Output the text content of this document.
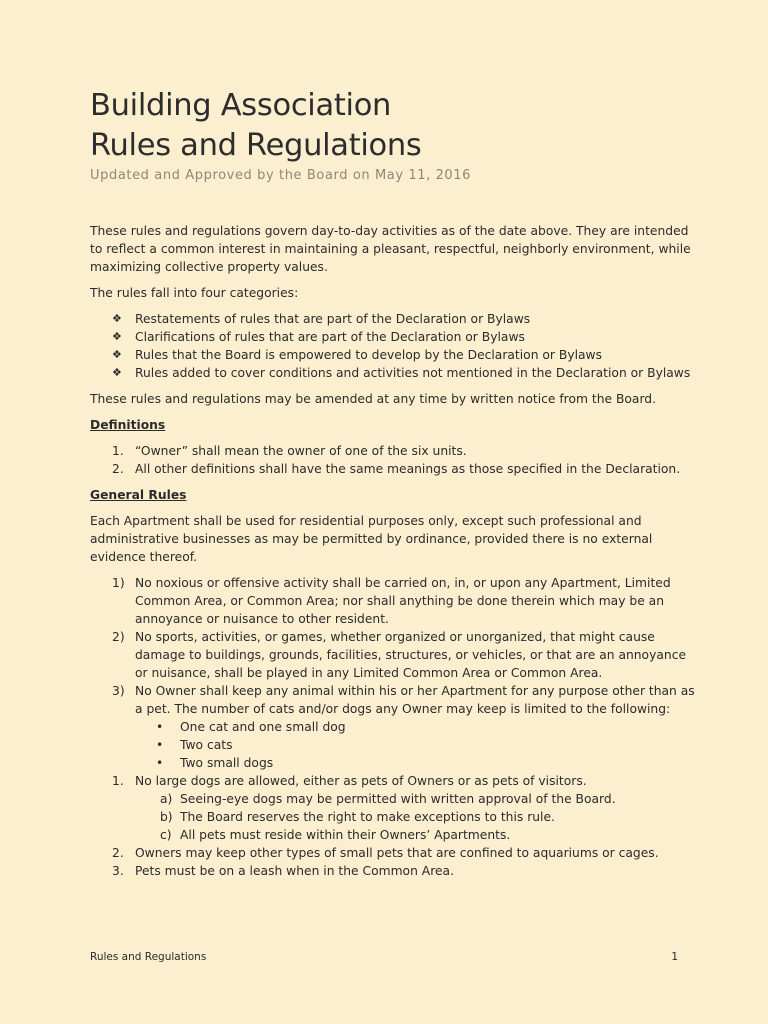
Building Association
Rules and Regulations
Updated and Approved by the Board on May 11, 2016

These rules and regulations govern day-to-day activities as of the date above. They are intended to reflect a common interest in maintaining a pleasant, respectful, neighborly environment, while maximizing collective property values.

The rules fall into four categories:

❖ Restatements of rules that are part of the Declaration or Bylaws
❖ Clarifications of rules that are part of the Declaration or Bylaws
❖ Rules that the Board is empowered to develop by the Declaration or Bylaws
❖ Rules added to cover conditions and activities not mentioned in the Declaration or Bylaws

These rules and regulations may be amended at any time by written notice from the Board.

Definitions

1. “Owner” shall mean the owner of one of the six units.
2. All other definitions shall have the same meanings as those specified in the Declaration.

General Rules

Each Apartment shall be used for residential purposes only, except such professional and administrative businesses as may be permitted by ordinance, provided there is no external evidence thereof.

1) No noxious or offensive activity shall be carried on, in, or upon any Apartment, Limited Common Area, or Common Area; nor shall anything be done therein which may be an annoyance or nuisance to other resident.
2) No sports, activities, or games, whether organized or unorganized, that might cause damage to buildings, grounds, facilities, structures, or vehicles, or that are an annoyance or nuisance, shall be played in any Limited Common Area or Common Area.
3) No Owner shall keep any animal within his or her Apartment for any purpose other than as a pet. The number of cats and/or dogs any Owner may keep is limited to the following:
• One cat and one small dog
• Two cats
• Two small dogs
1. No large dogs are allowed, either as pets of Owners or as pets of visitors.
a) Seeing-eye dogs may be permitted with written approval of the Board.
b) The Board reserves the right to make exceptions to this rule.
c) All pets must reside within their Owners’ Apartments.
2. Owners may keep other types of small pets that are confined to aquariums or cages.
3. Pets must be on a leash when in the Common Area.
Rules and Regulations	1
